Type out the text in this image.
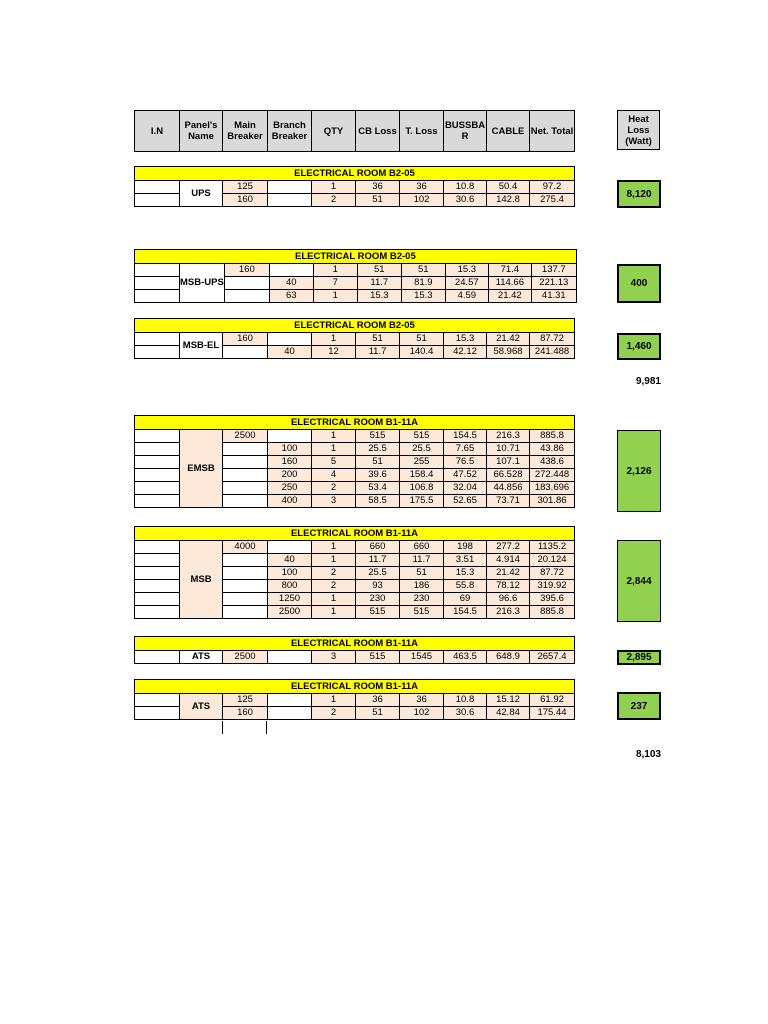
I.N	Panel's Name	Main Breaker	Branch Breaker	QTY	CB Loss	T. Loss	BUSSBA R	CABLE	Net. Total
Heat Loss (Watt)
ELECTRICAL ROOM B2-05									
	UPS	125		1	36	36	10.8	50.4	97.2
		160		2	51	102	30.6	142.8	275.4	8,120
ELECTRICAL ROOM B2-05									
	MSB-UPS	160		1	51	51	15.3	71.4	137.7
			40	7	11.7	81.9	24.57	114.66	221.13
			63	1	15.3	15.3	4.59	21.42	41.31
400
ELECTRICAL ROOM B2-05									
	MSB-EL	160		1	51	51	15.3	21.42	87.72
			40	12	11.7	140.4	42.12	58.968	241.488	1,460
ELECTRICAL ROOM B1-11A									
	EMSB	2500		1	515	515	154.5	216.3	885.8
			100	1	25.5	25.5	7.65	10.71	43.86
			160	5	51	255	76.5	107.1	438.6
			200	4	39.6	158.4	47.52	66.528	272.448
			250	2	53.4	106.8	32.04	44.856	183.696
			400	3	58.5	175.5	52.65	73.71	301.86
2,126
ELECTRICAL ROOM B1-11A									
	MSB	4000		1	660	660	198	277.2	1135.2
			40	1	11.7	11.7	3.51	4.914	20.124
			100	2	25.5	51	15.3	21.42	87.72
			800	2	93	186	55.8	78.12	319.92
			1250	1	230	230	69	96.6	395.6
			2500	1	515	515	154.5	216.3	885.8
2,844
ELECTRICAL ROOM B1-11A
	ATS	2500		3	515	1545	463.5	648.9	2657.4	2,895
ELECTRICAL ROOM B1-11A									
	ATS	125		1	36	36	10.8	15.12	61.92
		160		2	51	102	30.6	42.84	175.44
237
9,981
8,103
